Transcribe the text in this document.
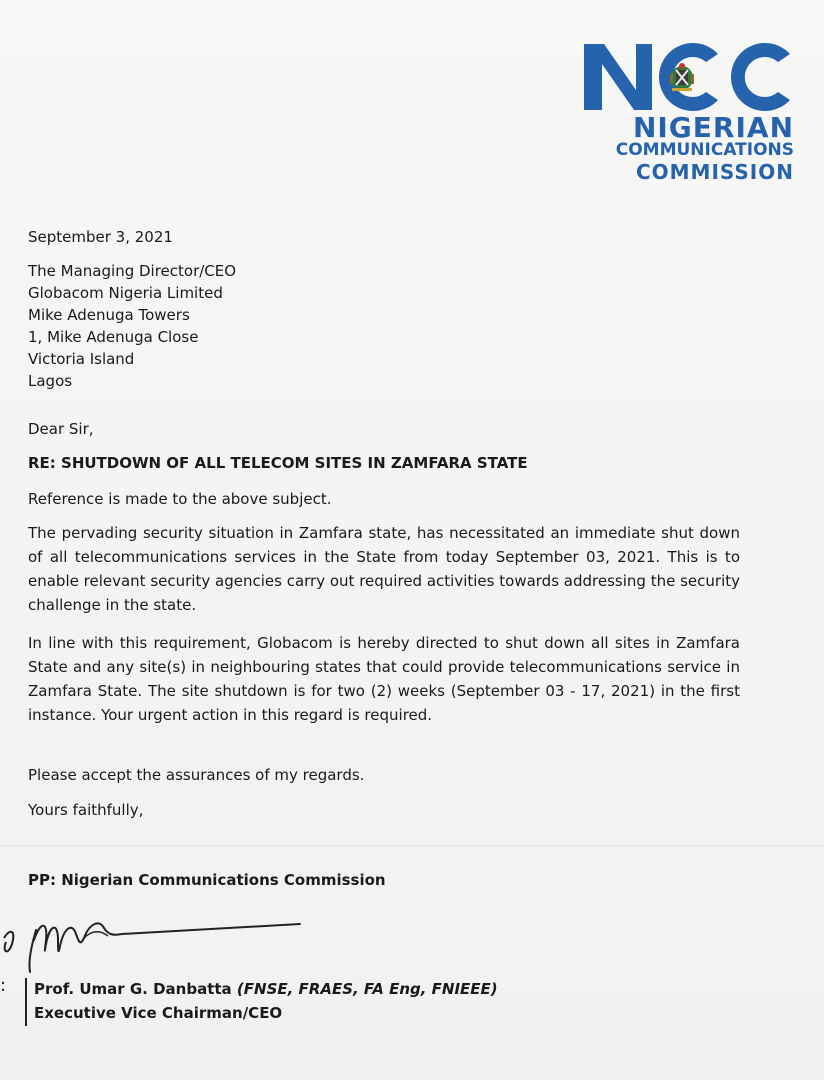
NIGERIAN
COMMUNICATIONS
COMMISSION
September 3, 2021
The Managing Director/CEO
Globacom Nigeria Limited
Mike Adenuga Towers
1, Mike Adenuga Close
Victoria Island
Lagos
Dear Sir,
RE: SHUTDOWN OF ALL TELECOM SITES IN ZAMFARA STATE
Reference is made to the above subject.
The pervading security situation in Zamfara state, has necessitated an immediate shut down of all telecommunications services in the State from today September 03, 2021. This is to enable relevant security agencies carry out required activities towards addressing the security challenge in the state.
In line with this requirement, Globacom is hereby directed to shut down all sites in Zamfara State and any site(s) in neighbouring states that could provide telecommunications service in Zamfara State. The site shutdown is for two (2) weeks (September 03 - 17, 2021) in the first instance. Your urgent action in this regard is required.
Please accept the assurances of my regards.
Yours faithfully,
PP: Nigerian Communications Commission
: Prof. Umar G. Danbatta (FNSE, FRAES, FA Eng, FNIEEE)
Executive Vice Chairman/CEO
